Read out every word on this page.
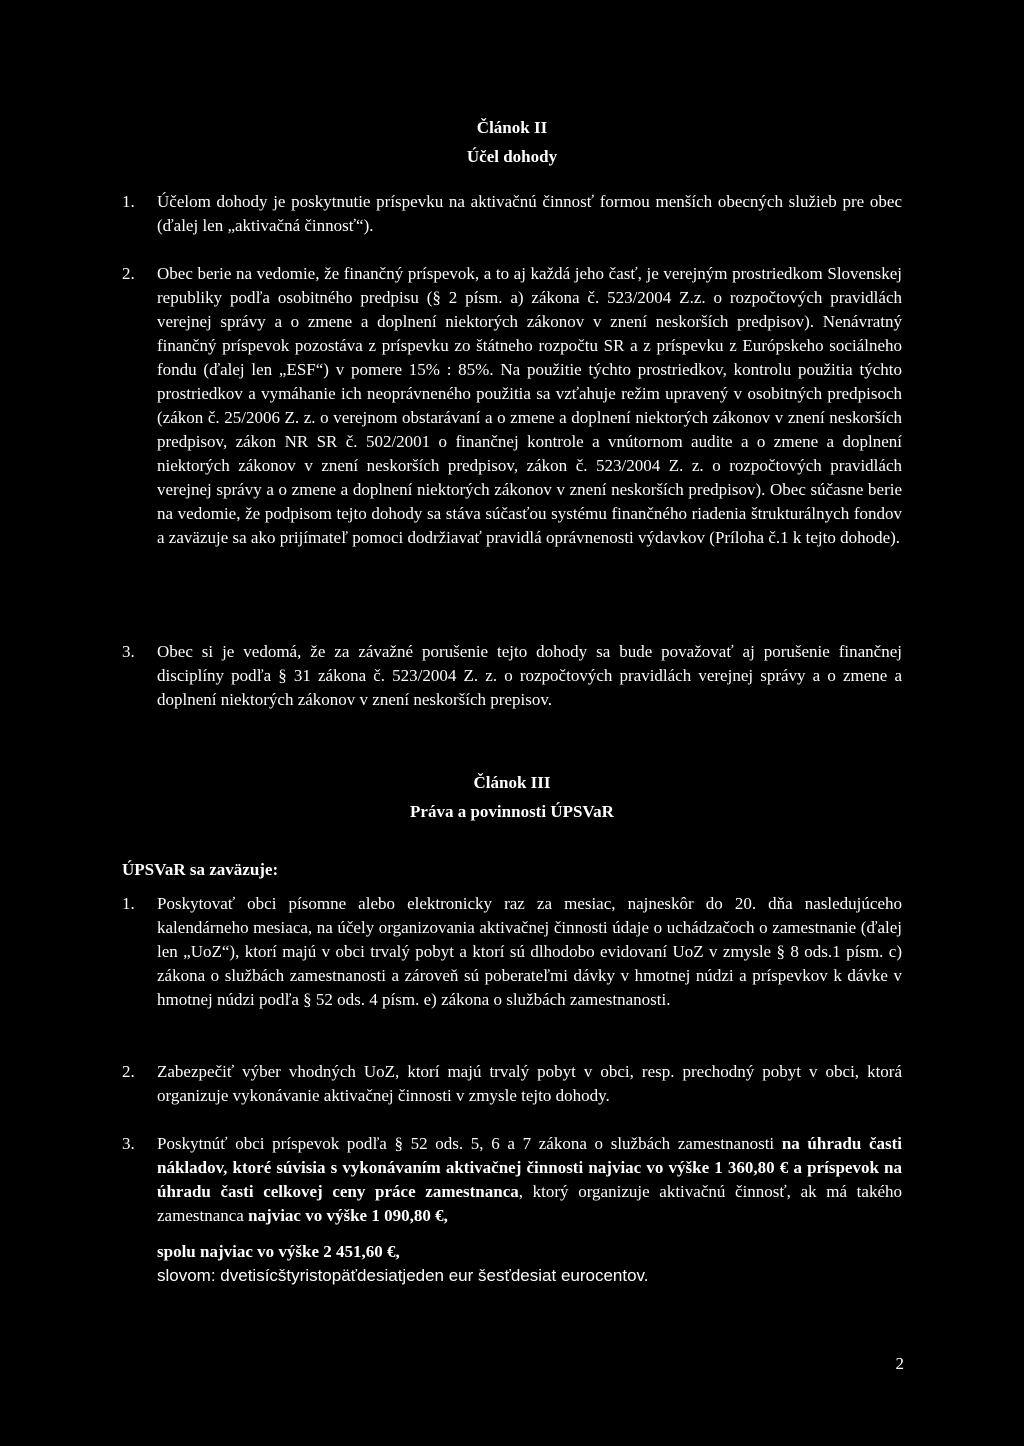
Článok II
Účel dohody
1.	Účelom dohody je poskytnutie príspevku na aktivačnú činnosť formou menších obecných služieb pre obec (ďalej len „aktivačná činnosť“).
2.	Obec berie na vedomie, že finančný príspevok, a to aj každá jeho časť, je verejným prostriedkom Slovenskej republiky podľa osobitného predpisu (§ 2 písm. a) zákona č. 523/2004 Z.z. o rozpočtových pravidlách verejnej správy a o zmene a doplnení niektorých zákonov v znení neskorších predpisov). Nenávratný finančný príspevok pozostáva z príspevku zo štátneho rozpočtu SR a z príspevku z Európskeho sociálneho fondu (ďalej len „ESF“) v pomere 15% : 85%. Na použitie týchto prostriedkov, kontrolu použitia týchto prostriedkov a vymáhanie ich neoprávneného použitia sa vzťahuje režim upravený v osobitných predpisoch (zákon č. 25/2006 Z. z. o verejnom obstarávaní a o zmene a doplnení niektorých zákonov v znení neskorších predpisov, zákon NR SR č. 502/2001 o finančnej kontrole a vnútornom audite a o zmene a doplnení niektorých zákonov v znení neskorších predpisov, zákon č. 523/2004 Z. z. o rozpočtových pravidlách verejnej správy a o zmene a doplnení niektorých zákonov v znení neskorších predpisov). Obec súčasne berie na vedomie, že podpisom tejto dohody sa stáva súčasťou systému finančného riadenia štrukturálnych fondov a zaväzuje sa ako prijímateľ pomoci dodržiavať pravidlá oprávnenosti výdavkov (Príloha č.1 k tejto dohode).
3.	Obec si je vedomá, že za závažné porušenie tejto dohody sa bude považovať aj porušenie finančnej disciplíny podľa § 31 zákona č. 523/2004 Z. z. o rozpočtových pravidlách verejnej správy a o zmene a doplnení niektorých zákonov v znení neskorších prepisov.
Článok III
Práva a povinnosti ÚPSVaR
ÚPSVaR sa zaväzuje:
1.	Poskytovať obci písomne alebo elektronicky raz za mesiac, najneskôr do 20. dňa nasledujúceho kalendárneho mesiaca, na účely organizovania aktivačnej činnosti údaje o uchádzačoch o zamestnanie (ďalej len „UoZ“), ktorí majú v obci trvalý pobyt a ktorí sú dlhodobo evidovaní UoZ v zmysle § 8 ods.1 písm. c) zákona o službách zamestnanosti a zároveň sú poberateľmi dávky v hmotnej núdzi a príspevkov k dávke v hmotnej núdzi podľa § 52 ods. 4 písm. e) zákona o službách zamestnanosti.
2.	Zabezpečiť výber vhodných UoZ, ktorí majú trvalý pobyt v obci, resp. prechodný pobyt v obci, ktorá organizuje vykonávanie aktivačnej činnosti v zmysle tejto dohody.
3.	Poskytnúť obci príspevok podľa § 52 ods. 5, 6 a 7 zákona o službách zamestnanosti na úhradu časti nákladov, ktoré súvisia s vykonávaním aktivačnej činnosti najviac vo výške 1 360,80 € a príspevok na úhradu časti celkovej ceny práce zamestnanca, ktorý organizuje aktivačnú činnosť, ak má takého zamestnanca najviac vo výške 1 090,80 €,
spolu najviac vo výške 2 451,60 €,
slovom: dvetisícštyristopäťdesiatjeden eur šesťdesiat eurocentov.
2
